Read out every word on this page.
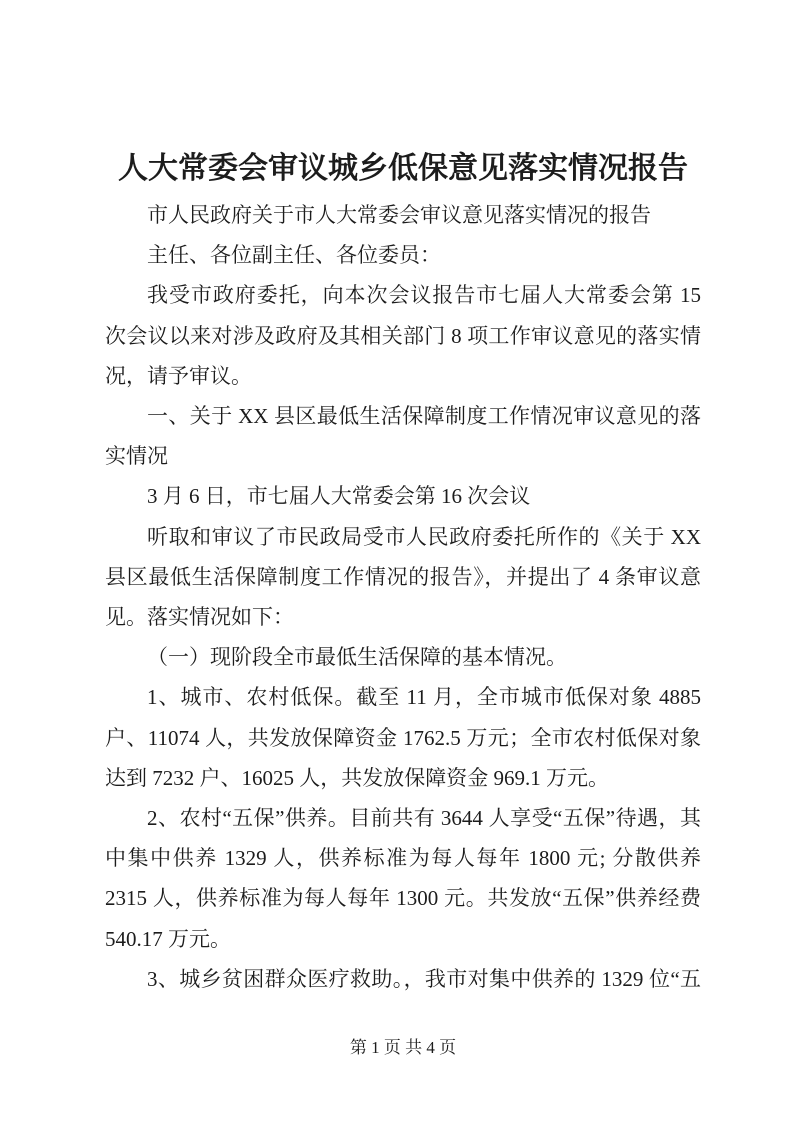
人大常委会审议城乡低保意见落实情况报告

市人民政府关于市人大常委会审议意见落实情况的报告

主任、各位副主任、各位委员：

我受市政府委托，向本次会议报告市七届人大常委会第 15 次会议以来对涉及政府及其相关部门 8 项工作审议意见的落实情况，请予审议。

一、关于 XX 县区最低生活保障制度工作情况审议意见的落实情况

3 月 6 日，市七届人大常委会第 16 次会议

听取和审议了市民政局受市人民政府委托所作的《关于 XX 县区最低生活保障制度工作情况的报告》，并提出了 4 条审议意见。落实情况如下：

（一）现阶段全市最低生活保障的基本情况。

1、城市、农村低保。截至 11 月，全市城市低保对象 4885 户、11074 人，共发放保障资金 1762.5 万元；全市农村低保对象达到 7232 户、16025 人，共发放保障资金 969.1 万元。

2、农村“五保”供养。目前共有 3644 人享受“五保”待遇，其中集中供养 1329 人，供养标准为每人每年 1800 元; 分散供养 2315 人，供养标准为每人每年 1300 元。共发放“五保”供养经费 540.17 万元。

3、城乡贫困群众医疗救助。，我市对集中供养的 1329 位“五

第 1 页 共 4 页
